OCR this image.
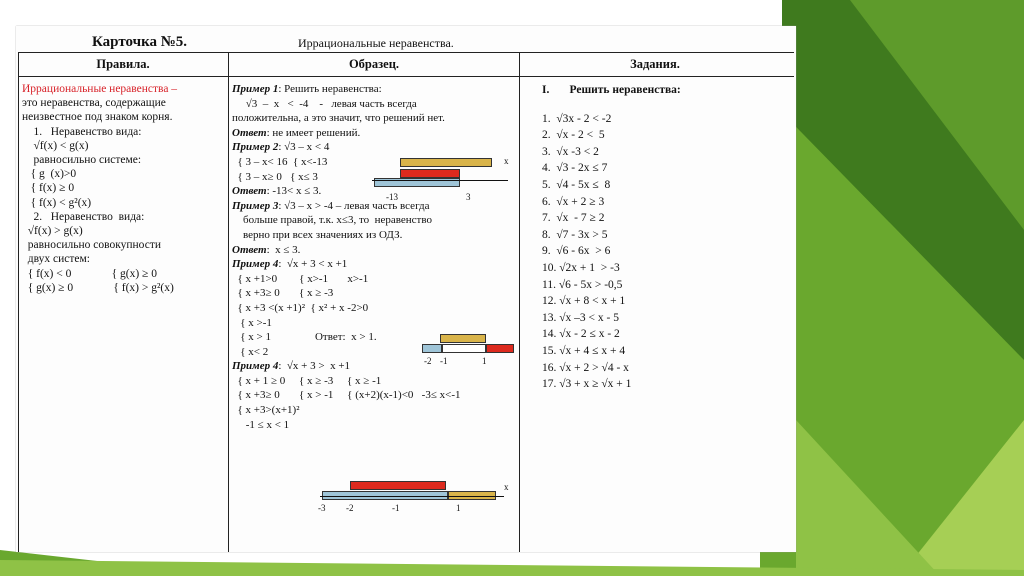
Карточка №5.	Иррациональные неравенства.
Правила.	Образец.	Задания.

Иррациональные неравенства –

это неравенства, содержащие

неизвестное под знаком корня.

1.   Неравенство вида:

√f(x) < g(x)

равносильно системе:

{ g  (x)>0

{ f(x) ≥ 0

{ f(x) < g²(x)

2.   Неравенство  вида:

√f(x) > g(x)

равносильно совокупности

двух систем:

{ f(x) < 0              { g(x) ≥ 0

{ g(x) ≥ 0              { f(x) > g²(x)

Пример 1: Решить неравенства:

√3  –  x   <  -4    -   левая часть всегда

положительна, а это значит, что решений нет.

Ответ: не имеет решений.

Пример 2: √3 – x < 4

{ 3 – x< 16  { x<-13

{ 3 – x≥ 0   { x≤ 3

Ответ: -13< x ≤ 3.

Пример 3: √3 – x > -4 – левая часть всегда

больше правой, т.к. x≤3, то  неравенство

верно при всех значениях из ОДЗ.

Ответ:  x ≤ 3.

Пример 4:  √x + 3 < x +1

{ x +1>0        { x>-1       x>-1

{ x +3≥ 0       { x ≥ -3

{ x +3 <(x +1)²  { x² + x -2>0

{ x >-1

{ x > 1                Ответ:  x > 1.

{ x< 2

Пример 4:  √x + 3 >  x +1

{ x + 1 ≥ 0     { x ≥ -3     { x ≥ -1

{ x +3≥ 0       { x > -1     { (x+2)(x-1)<0   -3≤ x<-1

{ x +3>(x+1)²

-1 ≤ x < 1

x
-13	3
-2 -1	1
x
-3 -2	-1	1

I.       Решить неравенства:

1.  √3x - 2 < -2

2.  √x - 2 <  5

3.  √x -3 < 2

4.  √3 - 2x ≤ 7

5.  √4 - 5x ≤  8

6.  √x + 2 ≥ 3

7.  √x  - 7 ≥ 2

8.  √7 - 3x > 5

9.  √6 - 6x  > 6

10. √2x + 1  > -3

11. √6 - 5x > -0,5

12. √x + 8 < x + 1

13. √x –3 < x - 5

14. √x - 2 ≤ x - 2

15. √x + 4 ≤ x + 4

16. √x + 2 > √4 - x

17. √3 + x ≥ √x + 1
